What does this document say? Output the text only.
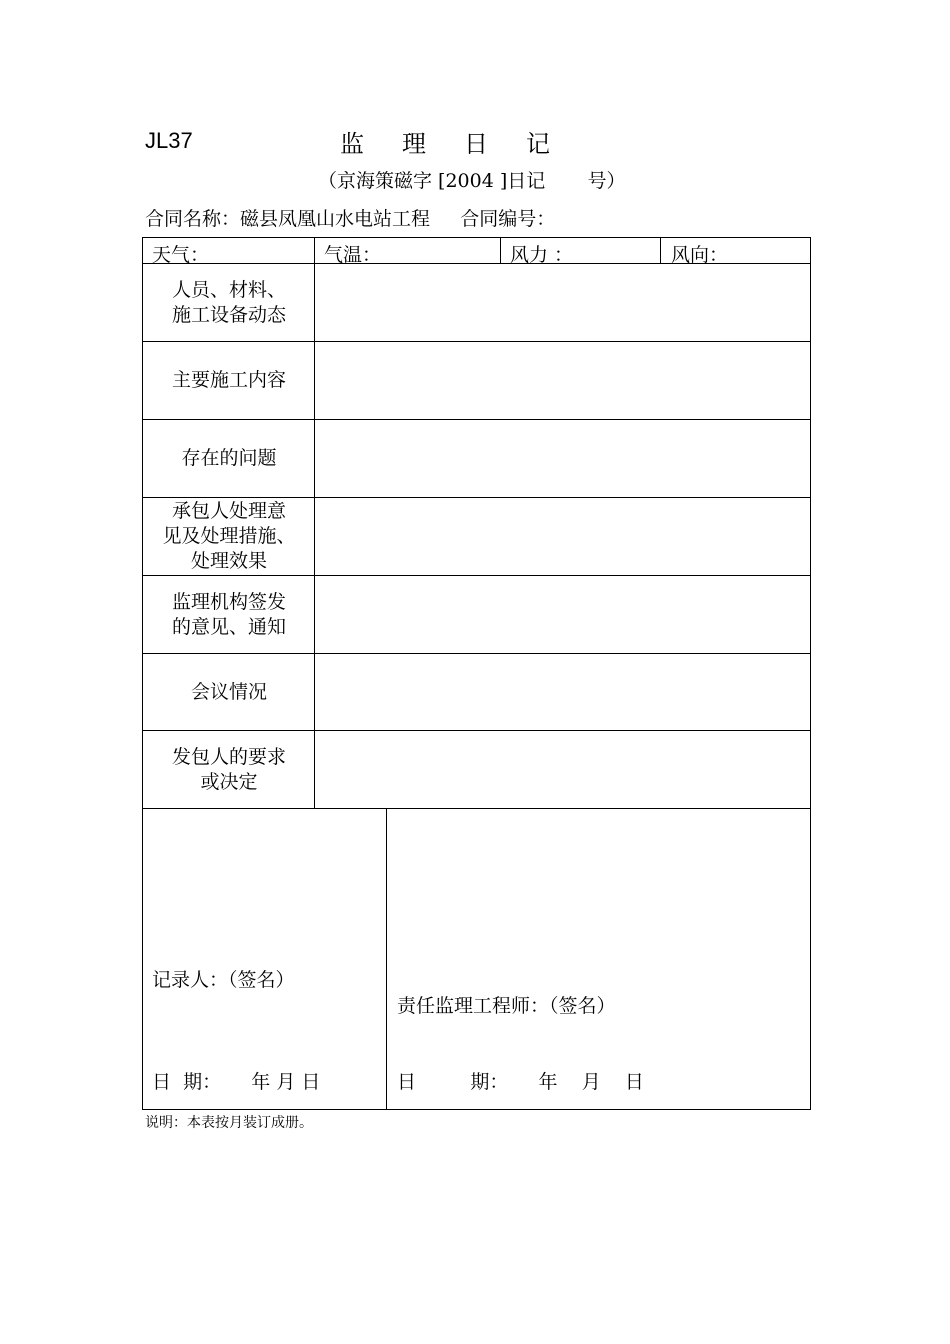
JL37	监理日记
（京海策磁字 [2004 ]日记       号）
合同名称：磁县凤凰山水电站工程     合同编号：
天气：	气温：	风力 ：	风向：
人员、材料、
施工设备动态
主要施工内容
存在的问题
承包人处理意
见及处理措施、
处理效果
监理机构签发
的意见、通知
会议情况
发包人的要求
或决定
记录人：（签名）
日  期：     年 月 日
责任监理工程师：（签名）
日         期：     年    月    日
说明：本表按月装订成册。
